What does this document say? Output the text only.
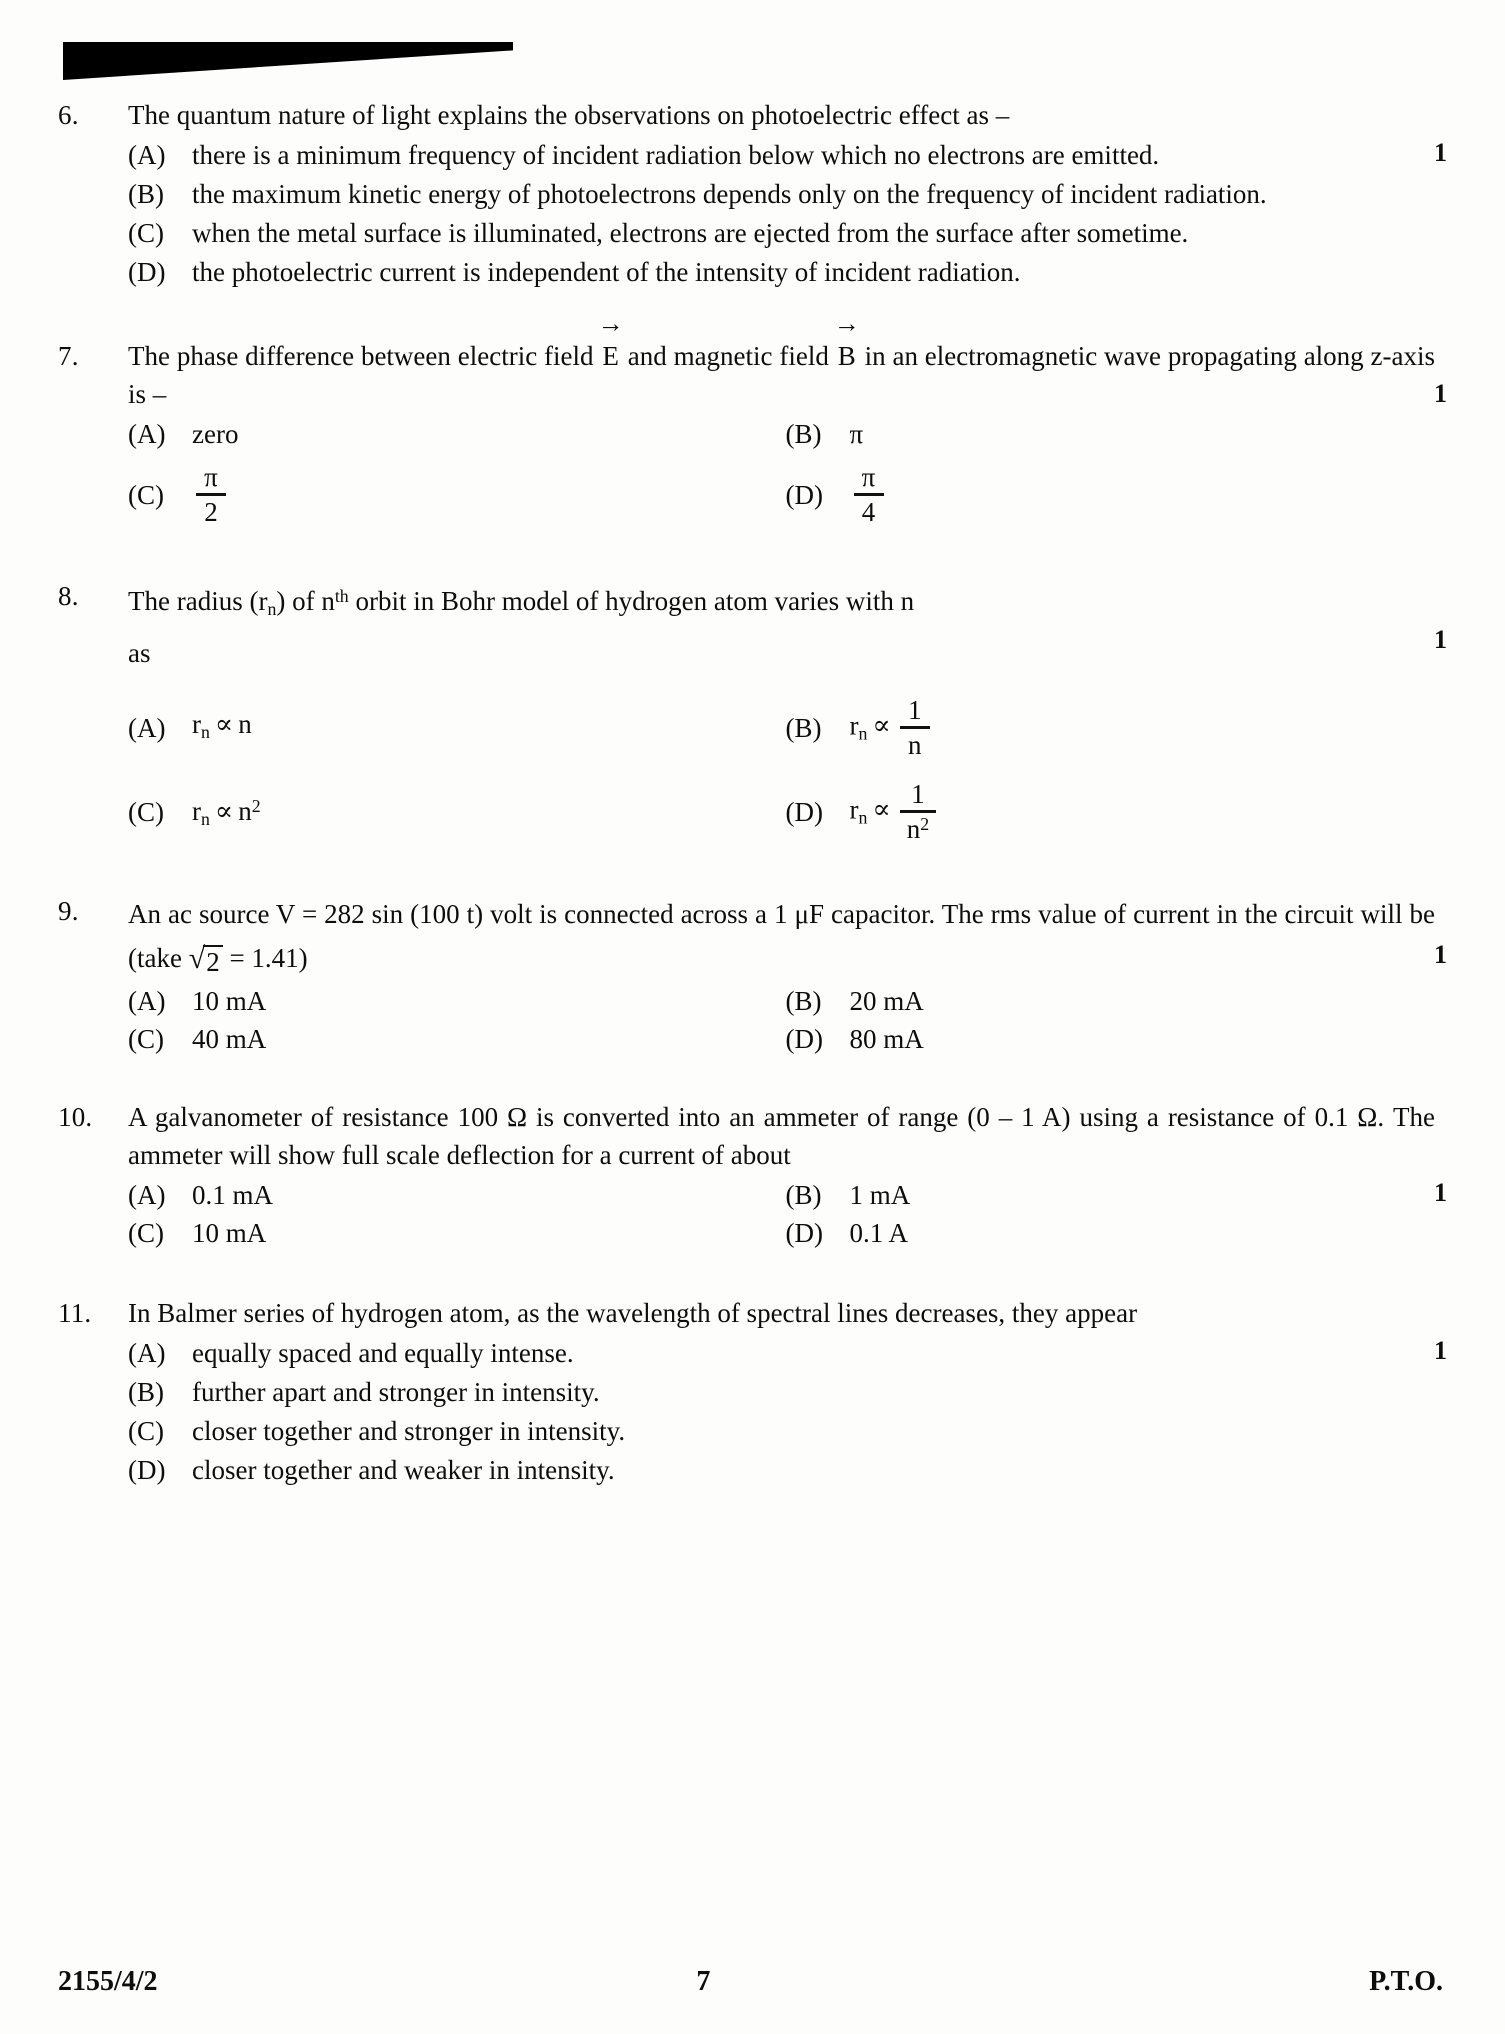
1
6.	The quantum nature of light explains the observations on photoelectric effect as –
(A) there is a minimum frequency of incident radiation below which no electrons are emitted.
(B)	the maximum kinetic energy of photoelectrons depends only on the frequency of incident radiation.
(C)	when the metal surface is illuminated, electrons are ejected from the surface after sometime.
(D) the photoelectric current is independent of the intensity of incident radiation.
1
7.	The phase difference between electric field
→
E and magnetic field
→
B in an electromagnetic wave propagating along z-axis is –
(A) zero	(B)	π
(C)	$\frac{\pi}{2}$	(D)	$\frac{\pi}{4}$
1
8.	The radius $(r_n)$ of $n^{th}$ orbit in Bohr model of hydrogen atom varies with n
as
(A) $r_n \propto n$	(B)	$r_n \propto \frac{1}{n}$
(C)	$r_n \propto n^2$	(D) $r_n \propto \frac{1}{n^2}$
1
9.	An ac source V = 282 sin (100 t) volt is connected across a 1 μF capacitor. The rms value of current in the circuit will be (take √ 2 = 1.41)
(A) 10 mA	(B)	20 mA
(C)	40 mA	(D) 80 mA
1
10.	A galvanometer of resistance 100 Ω is converted into an ammeter of range (0 – 1 A) using a resistance of 0.1 Ω. The ammeter will show full scale deflection for a current of about
(A) 0.1 mA	(B)	1 mA
(C)	10 mA	(D) 0.1 A
1
11.	In Balmer series of hydrogen atom, as the wavelength of spectral lines decreases, they appear
(A) equally spaced and equally intense.
(B)	further apart and stronger in intensity.
(C)	closer together and stronger in intensity.
(D) closer together and weaker in intensity.
2155/4/2	7	P.T.O.
